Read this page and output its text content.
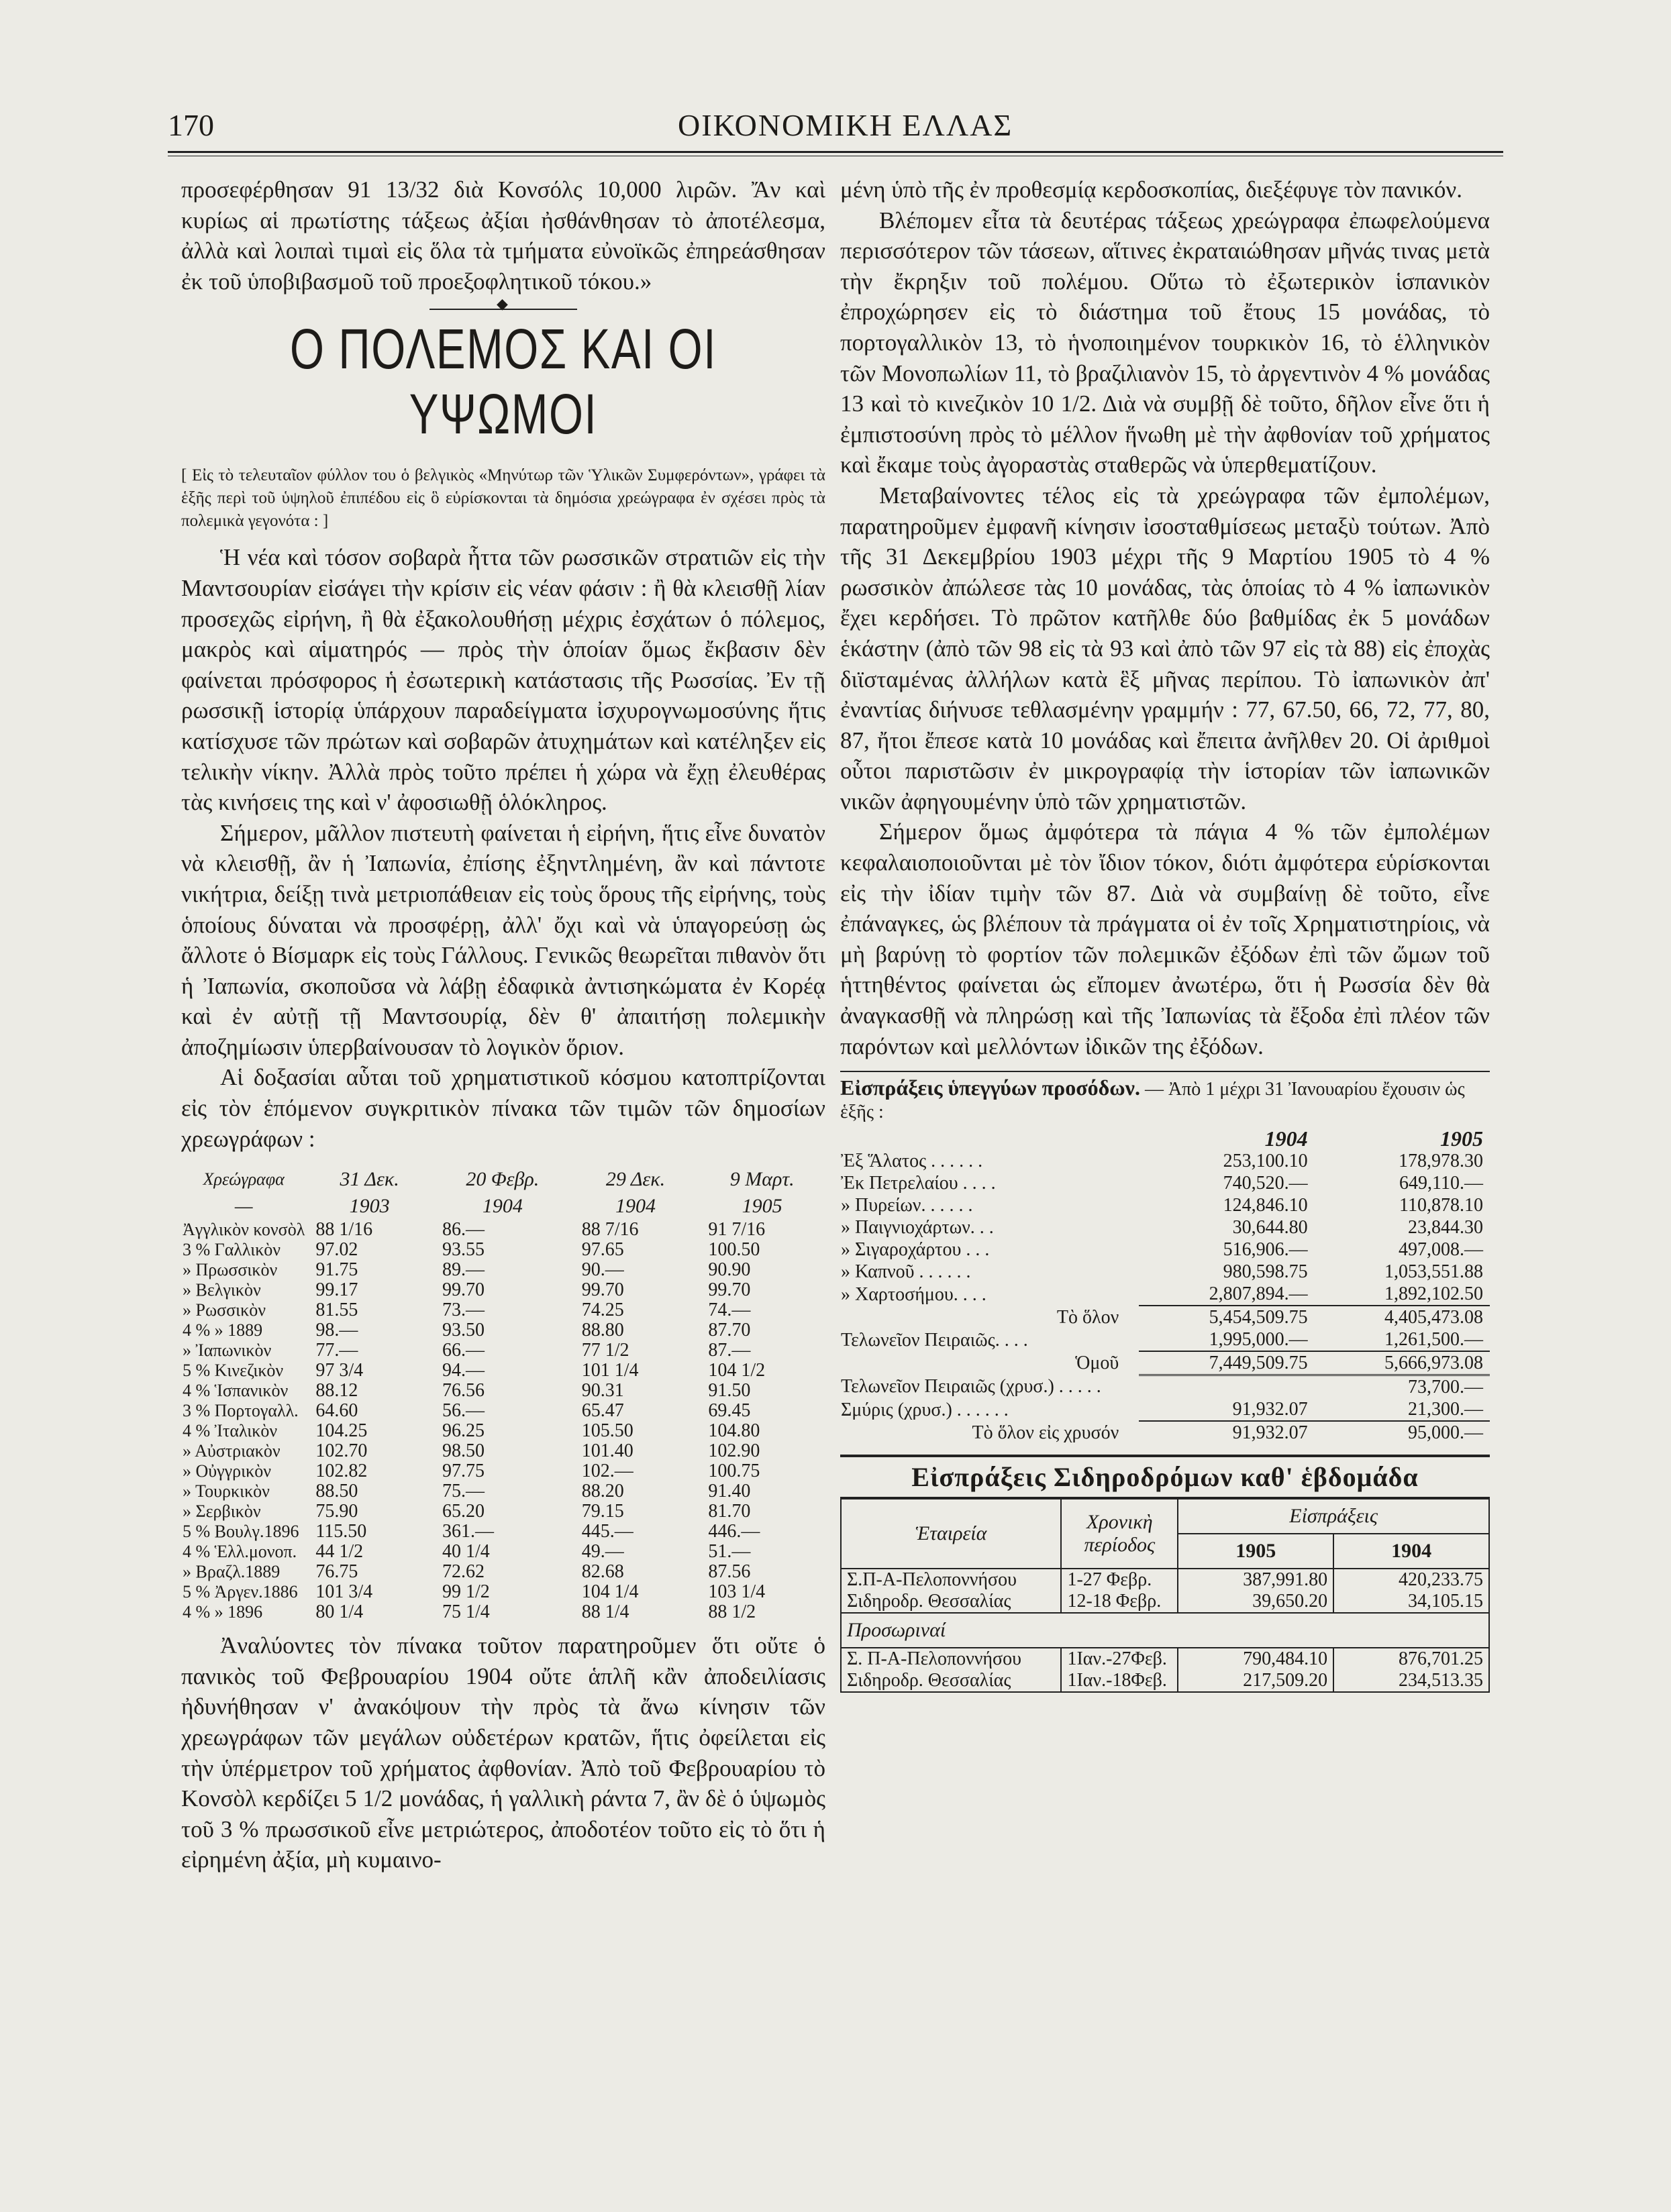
170	ΟΙΚΟΝΟΜΙΚΗ ΕΛΛΑΣ

προσεφέρθησαν 91 13/32 διὰ Κονσόλς 10,000 λιρῶν. Ἄν καὶ κυρίως αἱ πρωτίστης τάξεως ἀξίαι ἠσθάνθησαν τὸ ἀποτέλεσμα, ἀλλὰ καὶ λοιπαὶ τιμαὶ εἰς ὅλα τὰ τμήματα εὐνοϊκῶς ἐπηρεάσθησαν ἐκ τοῦ ὑποβιβασμοῦ τοῦ προεξοφλητικοῦ τόκου.»

◆
Ο ΠΟΛΕΜΟΣ ΚΑΙ ΟΙ ΥΨΩΜΟΙ
[ Εἰς τὸ τελευταῖον φύλλον του ὁ βελγικὸς «Μηνύτωρ τῶν Ὑλικῶν Συμφερόντων», γράφει τὰ ἑξῆς περὶ τοῦ ὑψηλοῦ ἐπιπέδου εἰς ὃ εὑρίσκονται τὰ δημόσια χρεώγραφα ἐν σχέσει πρὸς τὰ πολεμικὰ γεγονότα : ]

Ἡ νέα καὶ τόσον σοβαρὰ ἧττα τῶν ρωσσικῶν στρατιῶν εἰς τὴν Μαντσουρίαν εἰσάγει τὴν κρίσιν εἰς νέαν φάσιν : ἢ θὰ κλεισθῇ λίαν προσεχῶς εἰρήνη, ἢ θὰ ἐξακολουθήσῃ μέχρις ἐσχάτων ὁ πόλεμος, μακρὸς καὶ αἱματηρός — πρὸς τὴν ὁποίαν ὅμως ἔκβασιν δὲν φαίνεται πρόσφορος ἡ ἐσωτερικὴ κατάστασις τῆς Ρωσσίας. Ἐν τῇ ρωσσικῇ ἱστορίᾳ ὑπάρχουν παραδείγματα ἰσχυρογνωμοσύνης ἥτις κατίσχυσε τῶν πρώτων καὶ σοβαρῶν ἀτυχημάτων καὶ κατέληξεν εἰς τελικὴν νίκην. Ἀλλὰ πρὸς τοῦτο πρέπει ἡ χώρα νὰ ἔχῃ ἐλευθέρας τὰς κινήσεις της καὶ ν' ἀφοσιωθῇ ὁλόκληρος.

Σήμερον, μᾶλλον πιστευτὴ φαίνεται ἡ εἰρήνη, ἥτις εἶνε δυνατὸν νὰ κλεισθῇ, ἂν ἡ Ἰαπωνία, ἐπίσης ἐξηντλημένη, ἂν καὶ πάντοτε νικήτρια, δείξῃ τινὰ μετριοπάθειαν εἰς τοὺς ὅρους τῆς εἰρήνης, τοὺς ὁποίους δύναται νὰ προσφέρῃ, ἀλλ' ὄχι καὶ νὰ ὑπαγορεύσῃ ὡς ἄλλοτε ὁ Βίσμαρκ εἰς τοὺς Γάλλους. Γενικῶς θεωρεῖται πιθανὸν ὅτι ἡ Ἰαπωνία, σκοποῦσα νὰ λάβῃ ἐδαφικὰ ἀντισηκώματα ἐν Κορέᾳ καὶ ἐν αὐτῇ τῇ Μαντσουρίᾳ, δὲν θ' ἀπαιτήσῃ πολεμικὴν ἀποζημίωσιν ὑπερβαίνουσαν τὸ λογικὸν ὅριον.

Αἱ δοξασίαι αὗται τοῦ χρηματιστικοῦ κόσμου κατοπτρίζονται εἰς τὸν ἑπόμενον συγκριτικὸν πίνακα τῶν τιμῶν τῶν δημοσίων χρεωγράφων :

Χρεώγραφα	31 Δεκ.	20 Φεβρ.	29 Δεκ.	9 Μαρτ.
—	1903	1904	1904	1905
Ἀγγλικὸν κονσὸλ	88 1/16	86.—	88 7/16	91 7/16
3 % Γαλλικὸν	97.02	93.55	97.65	100.50
» Πρωσσικὸν	91.75	89.—	90.—	90.90
» Βελγικὸν	99.17	99.70	99.70	99.70
» Ρωσσικὸν	81.55	73.—	74.25	74.—
4 % » 1889	98.—	93.50	88.80	87.70
» Ἰαπωνικὸν	77.—	66.—	77 1/2	87.—
5 % Κινεζικὸν	97 3/4	94.—	101 1/4	104 1/2
4 % Ἱσπανικὸν	88.12	76.56	90.31	91.50
3 % Πορτογαλλ.	64.60	56.—	65.47	69.45
4 % Ἰταλικὸν	104.25	96.25	105.50	104.80
» Αὐστριακὸν	102.70	98.50	101.40	102.90
» Οὐγγρικὸν	102.82	97.75	102.—	100.75
» Τουρκικὸν	88.50	75.—	88.20	91.40
» Σερβικὸν	75.90	65.20	79.15	81.70
5 % Βουλγ.1896	115.50	361.—	445.—	446.—
4 % Ἑλλ.μονοπ.	44 1/2	40 1/4	49.—	51.—
» Βραζλ.1889	76.75	72.62	82.68	87.56
5 % Ἀργεν.1886	101 3/4	99 1/2	104 1/4	103 1/4
4 % » 1896	80 1/4	75 1/4	88 1/4	88 1/2

Ἀναλύοντες τὸν πίνακα τοῦτον παρατηροῦμεν ὅτι οὔτε ὁ πανικὸς τοῦ Φεβρουαρίου 1904 οὔτε ἁπλῆ κἂν ἀποδειλίασις ἠδυνήθησαν ν' ἀνακόψουν τὴν πρὸς τὰ ἄνω κίνησιν τῶν χρεωγράφων τῶν μεγάλων οὐδετέρων κρατῶν, ἥτις ὀφείλεται εἰς τὴν ὑπέρμετρον τοῦ χρήματος ἀφθονίαν. Ἀπὸ τοῦ Φεβρουαρίου τὸ Κονσὸλ κερδίζει 5 1/2 μονάδας, ἡ γαλλικὴ ράντα 7, ἂν δὲ ὁ ὑψωμὸς τοῦ 3 % πρωσσικοῦ εἶνε μετριώτερος, ἀποδοτέον τοῦτο εἰς τὸ ὅτι ἡ εἰρημένη ἀξία, μὴ κυμαινο-

μένη ὑπὸ τῆς ἐν προθεσμίᾳ κερδοσκοπίας, διεξέφυγε τὸν πανικόν.

Βλέπομεν εἶτα τὰ δευτέρας τάξεως χρεώγραφα ἐπωφελούμενα περισσότερον τῶν τάσεων, αἵτινες ἐκραταιώθησαν μῆνάς τινας μετὰ τὴν ἔκρηξιν τοῦ πολέμου. Οὕτω τὸ ἐξωτερικὸν ἱσπανικὸν ἐπροχώρησεν εἰς τὸ διάστημα τοῦ ἔτους 15 μονάδας, τὸ πορτογαλλικὸν 13, τὸ ἡνοποιημένον τουρκικὸν 16, τὸ ἑλληνικὸν τῶν Μονοπωλίων 11, τὸ βραζιλιανὸν 15, τὸ ἀργεντινὸν 4 % μονάδας 13 καὶ τὸ κινεζικὸν 10 1/2. Διὰ νὰ συμβῇ δὲ τοῦτο, δῆλον εἶνε ὅτι ἡ ἐμπιστοσύνη πρὸς τὸ μέλλον ἥνωθη μὲ τὴν ἀφθονίαν τοῦ χρήματος καὶ ἔκαμε τοὺς ἀγοραστὰς σταθερῶς νὰ ὑπερθεματίζουν.

Μεταβαίνοντες τέλος εἰς τὰ χρεώγραφα τῶν ἐμπολέμων, παρατηροῦμεν ἐμφανῆ κίνησιν ἰσοσταθμίσεως μεταξὺ τούτων. Ἀπὸ τῆς 31 Δεκεμβρίου 1903 μέχρι τῆς 9 Μαρτίου 1905 τὸ 4 % ρωσσικὸν ἀπώλεσε τὰς 10 μονάδας, τὰς ὁποίας τὸ 4 % ἰαπωνικὸν ἔχει κερδήσει. Τὸ πρῶτον κατῆλθε δύο βαθμίδας ἐκ 5 μονάδων ἑκάστην (ἀπὸ τῶν 98 εἰς τὰ 93 καὶ ἀπὸ τῶν 97 εἰς τὰ 88) εἰς ἐποχὰς διϊσταμένας ἀλλήλων κατὰ ἓξ μῆνας περίπου. Τὸ ἰαπωνικὸν ἀπ' ἐναντίας διήνυσε τεθλασμένην γραμμήν : 77, 67.50, 66, 72, 77, 80, 87, ἤτοι ἔπεσε κατὰ 10 μονάδας καὶ ἔπειτα ἀνῆλθεν 20. Οἱ ἀριθμοὶ οὗτοι παριστῶσιν ἐν μικρογραφίᾳ τὴν ἱστορίαν τῶν ἰαπωνικῶν νικῶν ἀφηγουμένην ὑπὸ τῶν χρηματιστῶν.

Σήμερον ὅμως ἀμφότερα τὰ πάγια 4 % τῶν ἐμπολέμων κεφαλαιοποιοῦνται μὲ τὸν ἴδιον τόκον, διότι ἀμφότερα εὑρίσκονται εἰς τὴν ἰδίαν τιμὴν τῶν 87. Διὰ νὰ συμβαίνῃ δὲ τοῦτο, εἶνε ἐπάναγκες, ὡς βλέπουν τὰ πράγματα οἱ ἐν τοῖς Χρηματιστηρίοις, νὰ μὴ βαρύνῃ τὸ φορτίον τῶν πολεμικῶν ἐξόδων ἐπὶ τῶν ὤμων τοῦ ἡττηθέντος φαίνεται ὡς εἴπομεν ἀνωτέρω, ὅτι ἡ Ρωσσία δὲν θὰ ἀναγκασθῇ νὰ πληρώσῃ καὶ τῆς Ἰαπωνίας τὰ ἔξοδα ἐπὶ πλέον τῶν παρόντων καὶ μελλόντων ἰδικῶν της ἐξόδων.

Εἰσπράξεις ὑπεγγύων προσόδων. — Ἀπὸ 1 μέχρι 31 Ἰανουαρίου ἔχουσιν ὡς ἑξῆς :
	1904	1905
Ἐξ Ἅλατος . . . . . .	253,100.10	178,978.30
Ἐκ Πετρελαίου . . . .	740,520.—	649,110.—
» Πυρείων. . . . . .	124,846.10	110,878.10
» Παιγνιοχάρτων. . .	30,644.80	23,844.30
» Σιγαροχάρτου . . .	516,906.—	497,008.—
» Καπνοῦ . . . . . .	980,598.75	1,053,551.88
» Χαρτοσήμου. . . .	2,807,894.—	1,892,102.50
Τὸ ὅλον	5,454,509.75	4,405,473.08
Τελωνεῖον Πειραιῶς. . . .	1,995,000.—	1,261,500.—
Ὁμοῦ	7,449,509.75	5,666,973.08
Τελωνεῖον Πειραιῶς (χρυσ.) . . . . .		73,700.—
Σμύρις (χρυσ.) . . . . . .	91,932.07	21,300.—
Τὸ ὅλον εἰς χρυσόν	91,932.07	95,000.—
Εἰσπράξεις Σιδηροδρόμων καθ' ἑβδομάδα
Ἑταιρεία	Χρονικὴ περίοδος	Εἰσπράξεις	
		1905	1904
Σ.Π-Α-Πελοποννήσου	1-27 Φεβρ.	387,991.80	420,233.75
Σιδηροδρ. Θεσσαλίας	12-18 Φεβρ.	39,650.20	34,105.15
Προσωριναί			
Σ. Π-Α-Πελοποννήσου	1Ιαν.-27Φεβ.	790,484.10	876,701.25
Σιδηροδρ. Θεσσαλίας	1Ιαν.-18Φεβ.	217,509.20	234,513.35
